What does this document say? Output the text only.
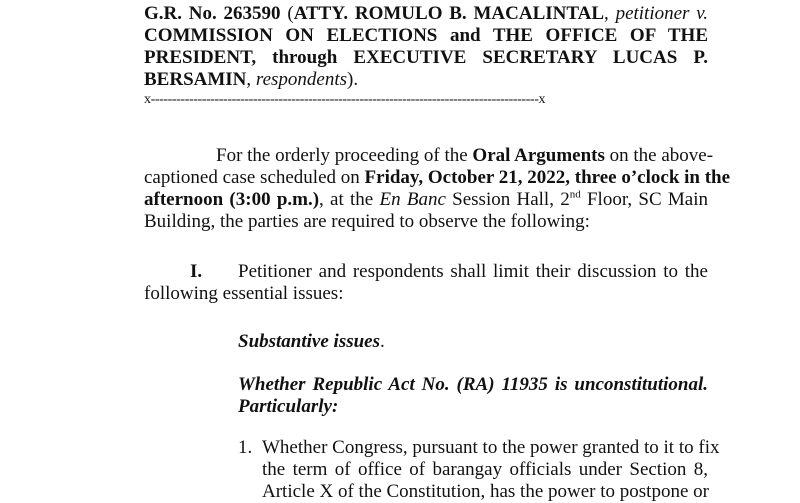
G.R. No. 263590 (ATTY. ROMULO B. MACALINTAL, petitioner v.
COMMISSION ON ELECTIONS and THE OFFICE OF THE
PRESIDENT, through EXECUTIVE SECRETARY LUCAS P.
BERSAMIN, respondents).
x-------------------------------------------------------------------------------------------x
For the orderly proceeding of the Oral Arguments on the above-
captioned case scheduled on Friday, October 21, 2022, three o’clock in the
afternoon (3:00 p.m.), at the En Banc Session Hall, 2nd Floor, SC Main
Building, the parties are required to observe the following:
I. Petitioner and respondents shall limit their discussion to the
following essential issues:
Substantive issues.
Whether Republic Act No. (RA) 11935 is unconstitutional.
Particularly:
1. Whether Congress, pursuant to the power granted to it to fix
the term of office of barangay officials under Section 8,
Article X of the Constitution, has the power to postpone or
